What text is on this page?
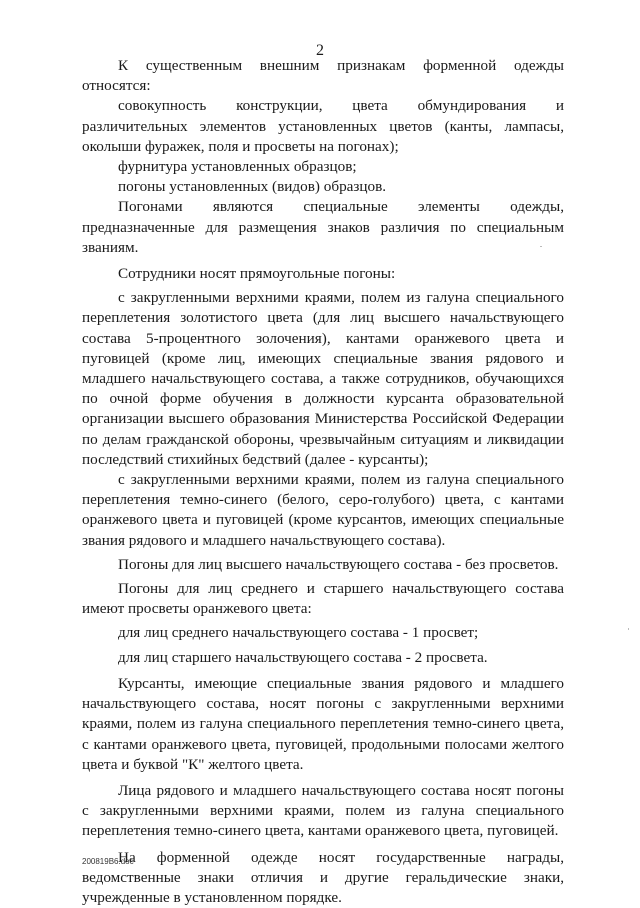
2

К существенным внешним признакам форменной одежды относятся:

совокупность конструкции, цвета обмундирования и различительных элементов установленных цветов (канты, лампасы, околыши фуражек, поля и просветы на погонах);

фурнитура установленных образцов;

погоны установленных (видов) образцов.

Погонами являются специальные элементы одежды, предназначенные для размещения знаков различия по специальным званиям.

Сотрудники носят прямоугольные погоны:

с закругленными верхними краями, полем из галуна специального переплетения золотистого цвета (для лиц высшего начальствующего состава 5-процентного золочения), кантами оранжевого цвета и пуговицей (кроме лиц, имеющих специальные звания рядового и младшего начальствующего состава, а также сотрудников, обучающихся по очной форме обучения в должности курсанта образовательной организации высшего образования Министерства Российской Федерации по делам гражданской обороны, чрезвычайным ситуациям и ликвидации последствий стихийных бедствий (далее - курсанты);

с закругленными верхними краями, полем из галуна специального переплетения темно-синего (белого, серо-голубого) цвета, с кантами оранжевого цвета и пуговицей (кроме курсантов, имеющих специальные звания рядового и младшего начальствующего состава).

Погоны для лиц высшего начальствующего состава - без просветов.

Погоны для лиц среднего и старшего начальствующего состава имеют просветы оранжевого цвета:

для лиц среднего начальствующего состава - 1 просвет;

для лиц старшего начальствующего состава - 2 просвета.

Курсанты, имеющие специальные звания рядового и младшего начальствующего состава, носят погоны с закругленными верхними краями, полем из галуна специального переплетения темно-синего цвета, с кантами оранжевого цвета, пуговицей, продольными полосами желтого цвета и буквой "К" желтого цвета.

Лица рядового и младшего начальствующего состава носят погоны с закругленными верхними краями, полем из галуна специального переплетения темно-синего цвета, кантами оранжевого цвета, пуговицей.

На форменной одежде носят государственные награды, ведомственные знаки отличия и другие геральдические знаки, учрежденные в установленном порядке.

200819В6.doc
